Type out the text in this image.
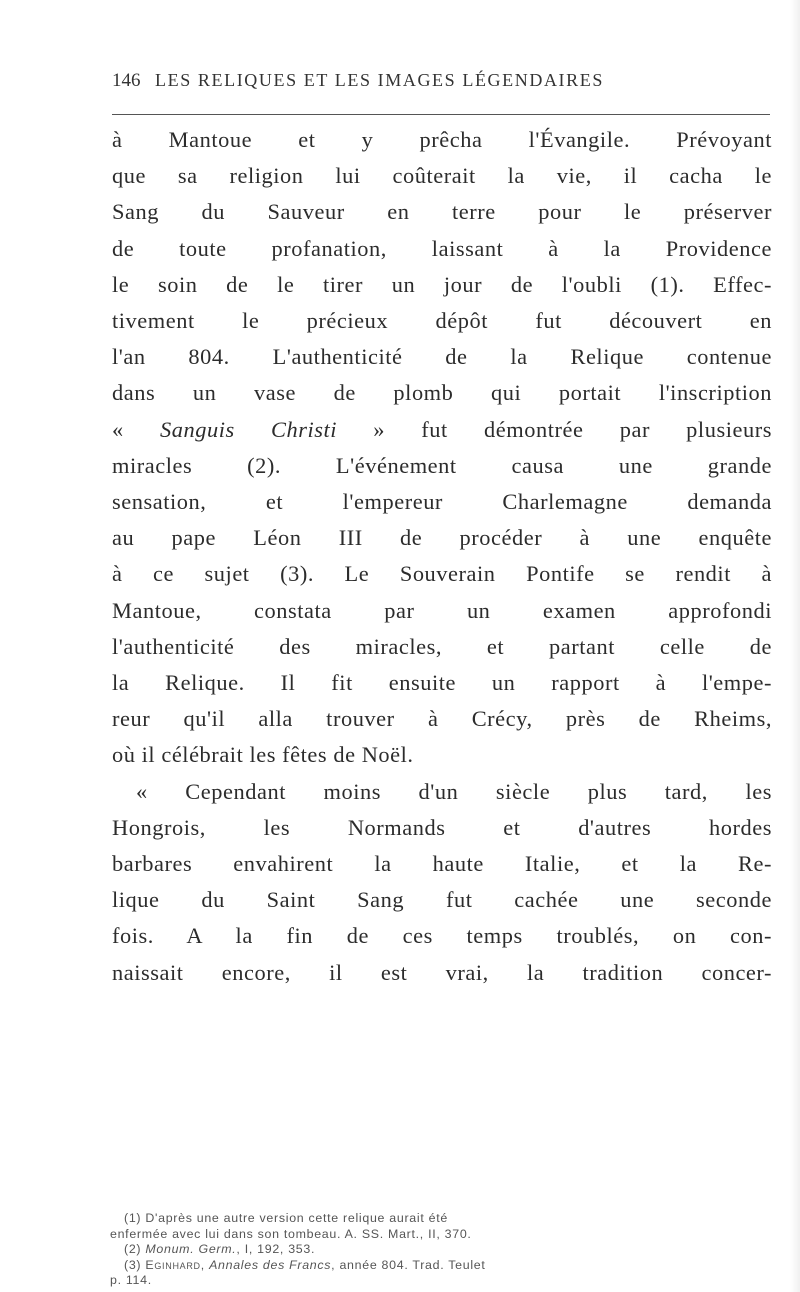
146 LES RELIQUES ET LES IMAGES LÉGENDAIRES
à Mantoue et y prêcha l'Évangile. Prévoyant
que sa religion lui coûterait la vie, il cacha le
Sang du Sauveur en terre pour le préserver
de toute profanation, laissant à la Providence
le soin de le tirer un jour de l'oubli (1). Effec-
tivement le précieux dépôt fut découvert en
l'an 804. L'authenticité de la Relique contenue
dans un vase de plomb qui portait l'inscription
« Sanguis Christi » fut démontrée par plusieurs
miracles (2). L'événement causa une grande
sensation, et l'empereur Charlemagne demanda
au pape Léon III de procéder à une enquête
à ce sujet (3). Le Souverain Pontife se rendit à
Mantoue, constata par un examen approfondi
l'authenticité des miracles, et partant celle de
la Relique. Il fit ensuite un rapport à l'empe-
reur qu'il alla trouver à Crécy, près de Rheims,
où il célébrait les fêtes de Noël.
« Cependant moins d'un siècle plus tard, les
Hongrois, les Normands et d'autres hordes
barbares envahirent la haute Italie, et la Re-
lique du Saint Sang fut cachée une seconde
fois. A la fin de ces temps troublés, on con-
naissait encore, il est vrai, la tradition concer-
(1) D'après une autre version cette relique aurait été
enfermée avec lui dans son tombeau. A. SS. Mart., II, 370.
(2) Monum. Germ., I, 192, 353.
(3) Eginhard, Annales des Francs, année 804. Trad. Teulet
p. 114.
